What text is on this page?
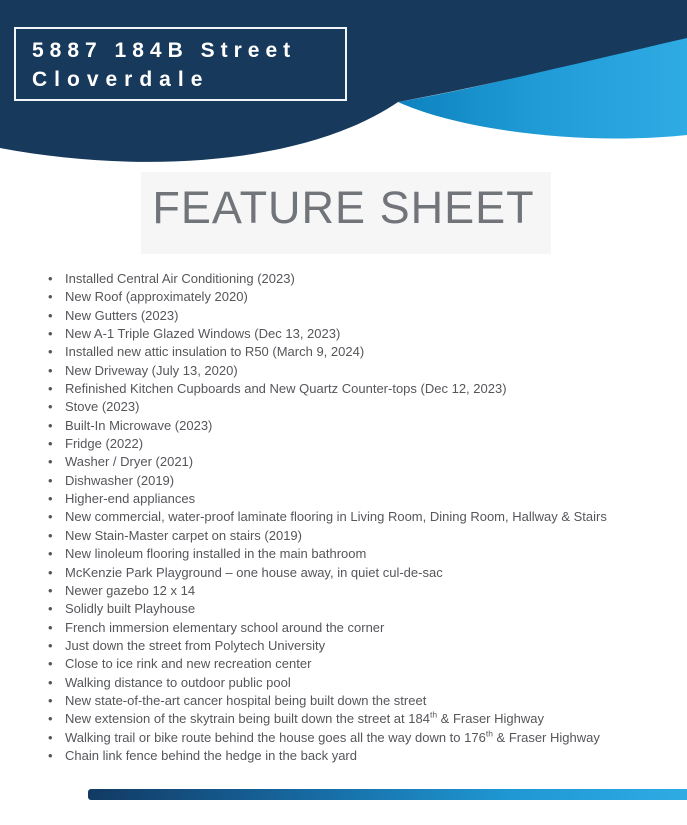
5887 184B Street
Cloverdale
FEATURE SHEET
• Installed Central Air Conditioning (2023)
• New Roof (approximately 2020)
• New Gutters (2023)
• New A-1 Triple Glazed Windows (Dec 13, 2023)
• Installed new attic insulation to R50 (March 9, 2024)
• New Driveway (July 13, 2020)
• Refinished Kitchen Cupboards and New Quartz Counter-tops (Dec 12, 2023)
• Stove (2023)
• Built-In Microwave (2023)
• Fridge (2022)
• Washer / Dryer (2021)
• Dishwasher (2019)
• Higher-end appliances
• New commercial, water-proof laminate flooring in Living Room, Dining Room, Hallway & Stairs
• New Stain-Master carpet on stairs (2019)
• New linoleum flooring installed in the main bathroom
• McKenzie Park Playground – one house away, in quiet cul-de-sac
• Newer gazebo 12 x 14
• Solidly built Playhouse
• French immersion elementary school around the corner
• Just down the street from Polytech University
• Close to ice rink and new recreation center
• Walking distance to outdoor public pool
• New state-of-the-art cancer hospital being built down the street
• New extension of the skytrain being built down the street at 184th & Fraser Highway
• Walking trail or bike route behind the house goes all the way down to 176th & Fraser Highway
• Chain link fence behind the hedge in the back yard
